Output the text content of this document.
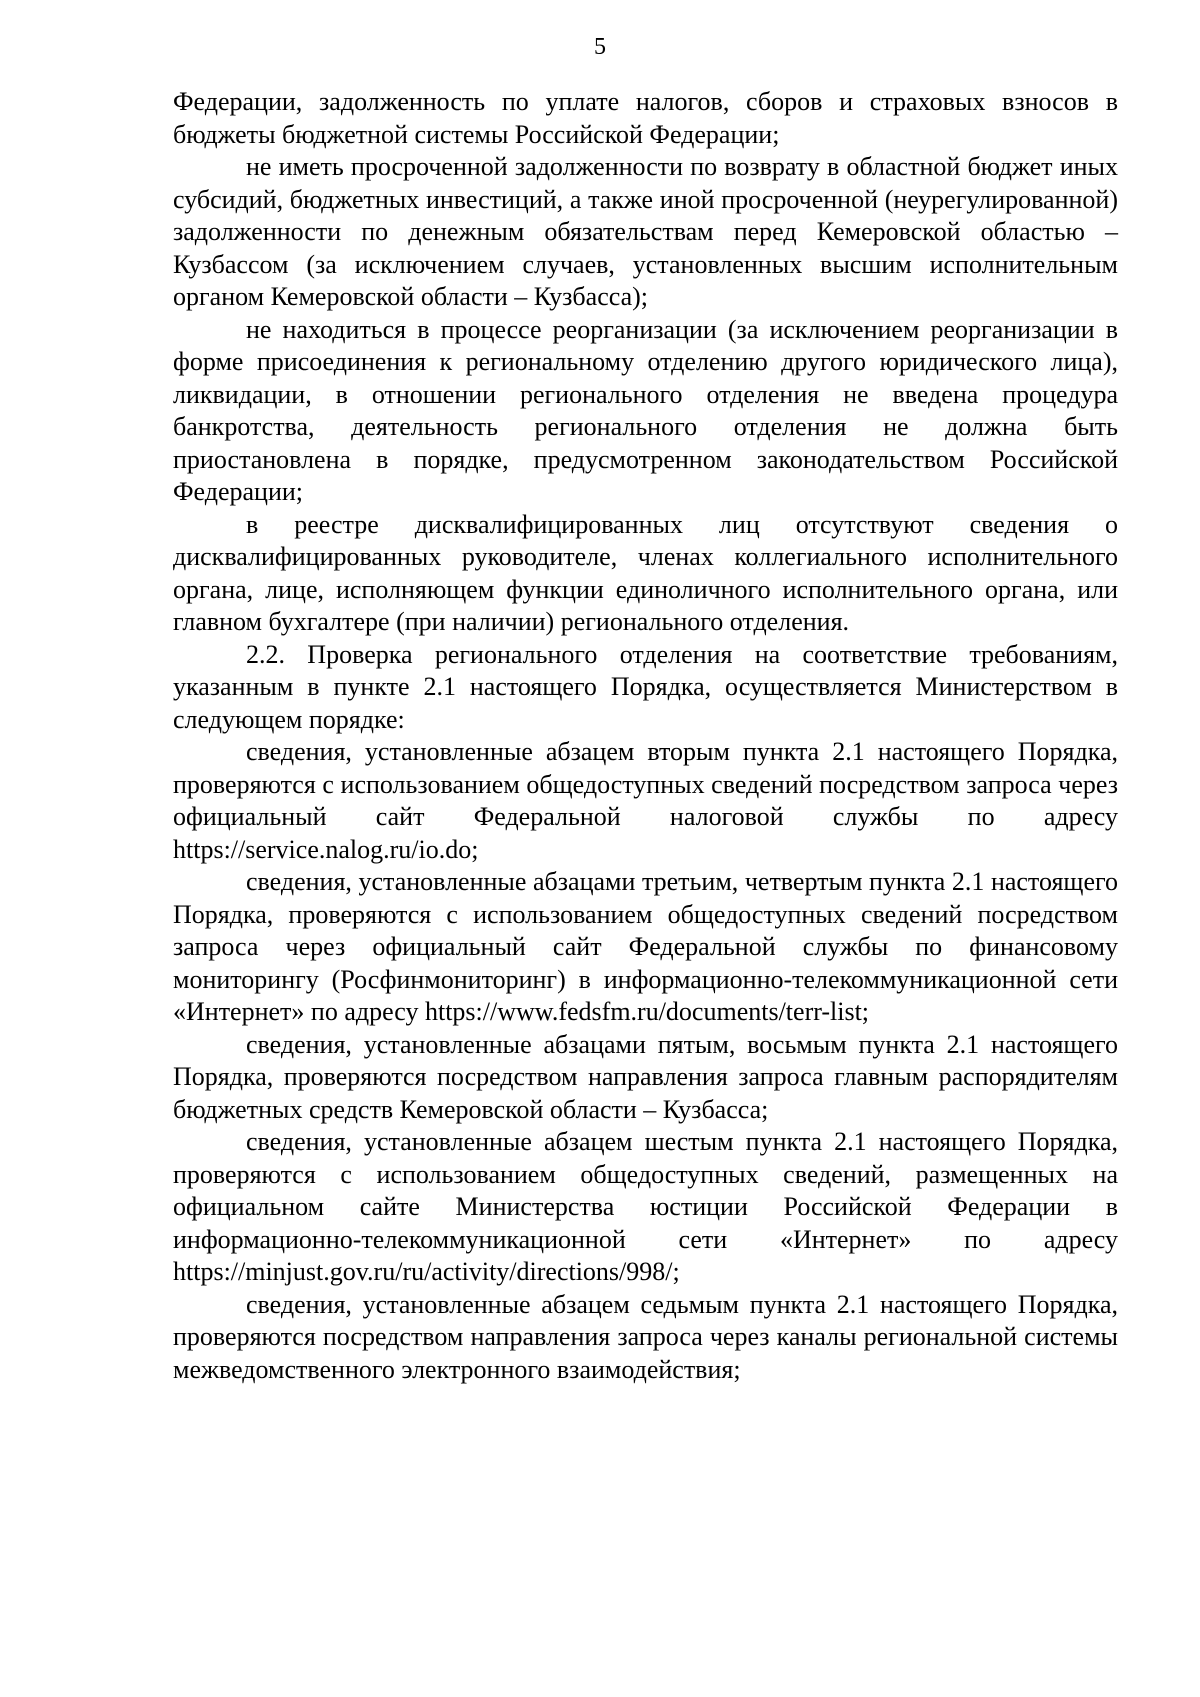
5

Федерации, задолженность по уплате налогов, сборов и страховых взносов в бюджеты бюджетной системы Российской Федерации;

не иметь просроченной задолженности по возврату в областной бюджет иных субсидий, бюджетных инвестиций, а также иной просроченной (неурегулированной) задолженности по денежным обязательствам перед Кемеровской областью – Кузбассом (за исключением случаев, установленных высшим исполнительным органом Кемеровской области – Кузбасса);

не находиться в процессе реорганизации (за исключением реорганизации в форме присоединения к региональному отделению другого юридического лица), ликвидации, в отношении регионального отделения не введена процедура банкротства, деятельность регионального отделения не должна быть приостановлена в порядке, предусмотренном законодательством Российской Федерации;

в реестре дисквалифицированных лиц отсутствуют сведения о дисквалифицированных руководителе, членах коллегиального исполнительного органа, лице, исполняющем функции единоличного исполнительного органа, или главном бухгалтере (при наличии) регионального отделения.

2.2. Проверка регионального отделения на соответствие требованиям, указанным в пункте 2.1 настоящего Порядка, осуществляется Министерством в следующем порядке:

сведения, установленные абзацем вторым пункта 2.1 настоящего Порядка, проверяются с использованием общедоступных сведений посредством запроса через официальный сайт Федеральной налоговой службы по адресу https://service.nalog.ru/io.do;

сведения, установленные абзацами третьим, четвертым пункта 2.1 настоящего Порядка, проверяются с использованием общедоступных сведений посредством запроса через официальный сайт Федеральной службы по финансовому мониторингу (Росфинмониторинг) в информационно-телекоммуникационной сети «Интернет» по адресу https://www.fedsfm.ru/documents/terr-list;

сведения, установленные абзацами пятым, восьмым пункта 2.1 настоящего Порядка, проверяются посредством направления запроса главным распорядителям бюджетных средств Кемеровской области – Кузбасса;

сведения, установленные абзацем шестым пункта 2.1 настоящего Порядка, проверяются с использованием общедоступных сведений, размещенных на официальном сайте Министерства юстиции Российской Федерации в информационно-телекоммуникационной сети «Интернет» по адресу https://minjust.gov.ru/ru/activity/directions/998/;

сведения, установленные абзацем седьмым пункта 2.1 настоящего Порядка, проверяются посредством направления запроса через каналы региональной системы межведомственного электронного взаимодействия;
